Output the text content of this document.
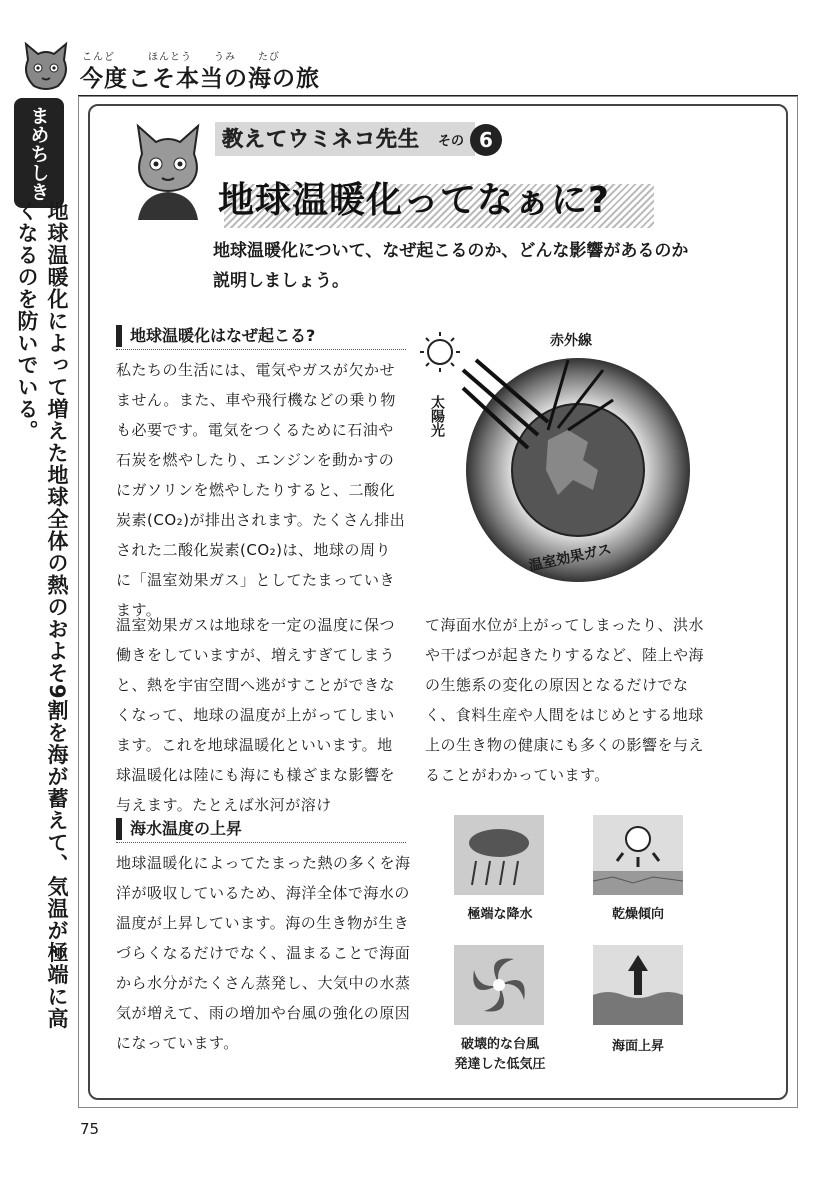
こんど　　　ほんとう　　うみ　　たび
今度こそ本当の海の旅
まめちしき
地球温暖化によって増えた地球全体の熱のおよそ9割を海が蓄えて、気温が極端に高くなるのを防いでいる。
教えてウミネコ先生 その 6
地球温暖化ってなぁに?
地球温暖化について、なぜ起こるのか、どんな影響があるのか説明しましょう。
地球温暖化はなぜ起こる?
私たちの生活には、電気やガスが欠かせません。また、車や飛行機などの乗り物も必要です。電気をつくるために石油や石炭を燃やしたり、エンジンを動かすのにガソリンを燃やしたりすると、二酸化炭素(CO₂)が排出されます。たくさん排出された二酸化炭素(CO₂)は、地球の周りに「温室効果ガス」としてたまっていきます。
温室効果ガスは地球を一定の温度に保つ働きをしていますが、増えすぎてしまうと、熱を宇宙空間へ逃がすことができなくなって、地球の温度が上がってしまいます。これを地球温暖化といいます。地球温暖化は陸にも海にも様ざまな影響を与えます。たとえば氷河が溶け
て海面水位が上がってしまったり、洪水や干ばつが起きたりするなど、陸上や海の生態系の変化の原因となるだけでなく、食料生産や人間をはじめとする地球上の生き物の健康にも多くの影響を与えることがわかっています。
赤外線
太陽光
温室効果ガス
海水温度の上昇
地球温暖化によってたまった熱の多くを海洋が吸収しているため、海洋全体で海水の温度が上昇しています。海の生き物が生きづらくなるだけでなく、温まることで海面から水分がたくさん蒸発し、大気中の水蒸気が増えて、雨の増加や台風の強化の原因になっています。
極端な降水	乾燥傾向
破壊的な台風
発達した低気圧
海面上昇
75
